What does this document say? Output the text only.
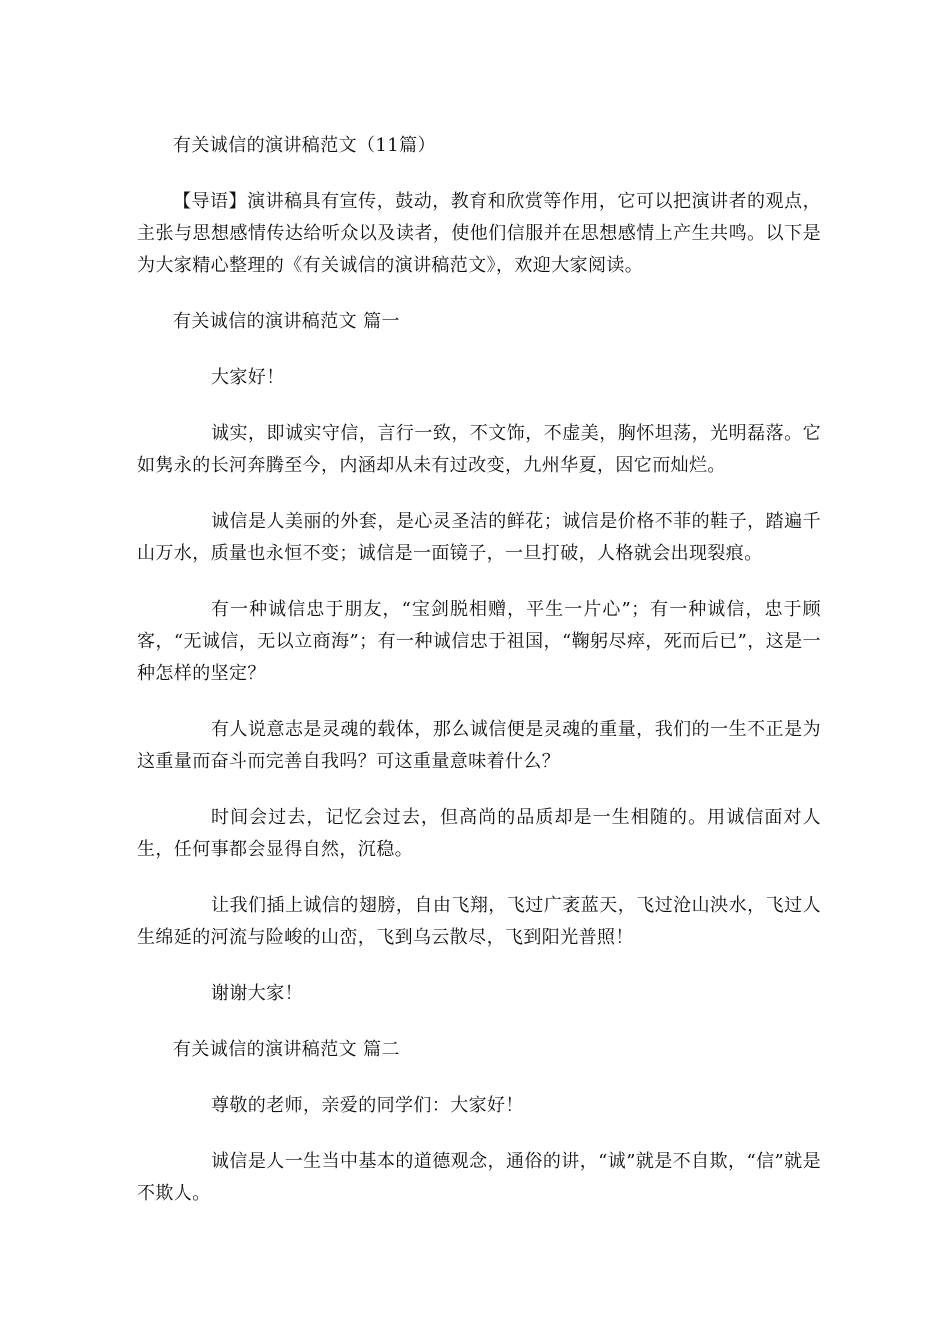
有关诚信的演讲稿范文（11篇）

【导语】演讲稿具有宣传，鼓动，教育和欣赏等作用，它可以把演讲者的观点，主张与思想感情传达给听众以及读者，使他们信服并在思想感情上产生共鸣。以下是为大家精心整理的《有关诚信的演讲稿范文》，欢迎大家阅读。

有关诚信的演讲稿范文 篇一

大家好！

诚实，即诚实守信，言行一致，不文饰，不虚美，胸怀坦荡，光明磊落。它如隽永的长河奔腾至今，内涵却从未有过改变，九州华夏，因它而灿烂。

诚信是人美丽的外套，是心灵圣洁的鲜花；诚信是价格不菲的鞋子，踏遍千山万水，质量也永恒不变；诚信是一面镜子，一旦打破，人格就会出现裂痕。

有一种诚信忠于朋友，“宝剑脱相赠，平生一片心”；有一种诚信，忠于顾客，“无诚信，无以立商海”；有一种诚信忠于祖国，“鞠躬尽瘁，死而后已”，这是一种怎样的坚定？

有人说意志是灵魂的载体，那么诚信便是灵魂的重量，我们的一生不正是为这重量而奋斗而完善自我吗？可这重量意味着什么？

时间会过去，记忆会过去，但高尚的品质却是一生相随的。用诚信面对人生，任何事都会显得自然，沉稳。

让我们插上诚信的翅膀，自由飞翔，飞过广袤蓝天，飞过沧山泱水，飞过人生绵延的河流与险峻的山峦，飞到乌云散尽，飞到阳光普照！

谢谢大家！

有关诚信的演讲稿范文 篇二

尊敬的老师，亲爱的同学们：大家好！

诚信是人一生当中基本的道德观念，通俗的讲，“诚”就是不自欺，“信”就是不欺人。
